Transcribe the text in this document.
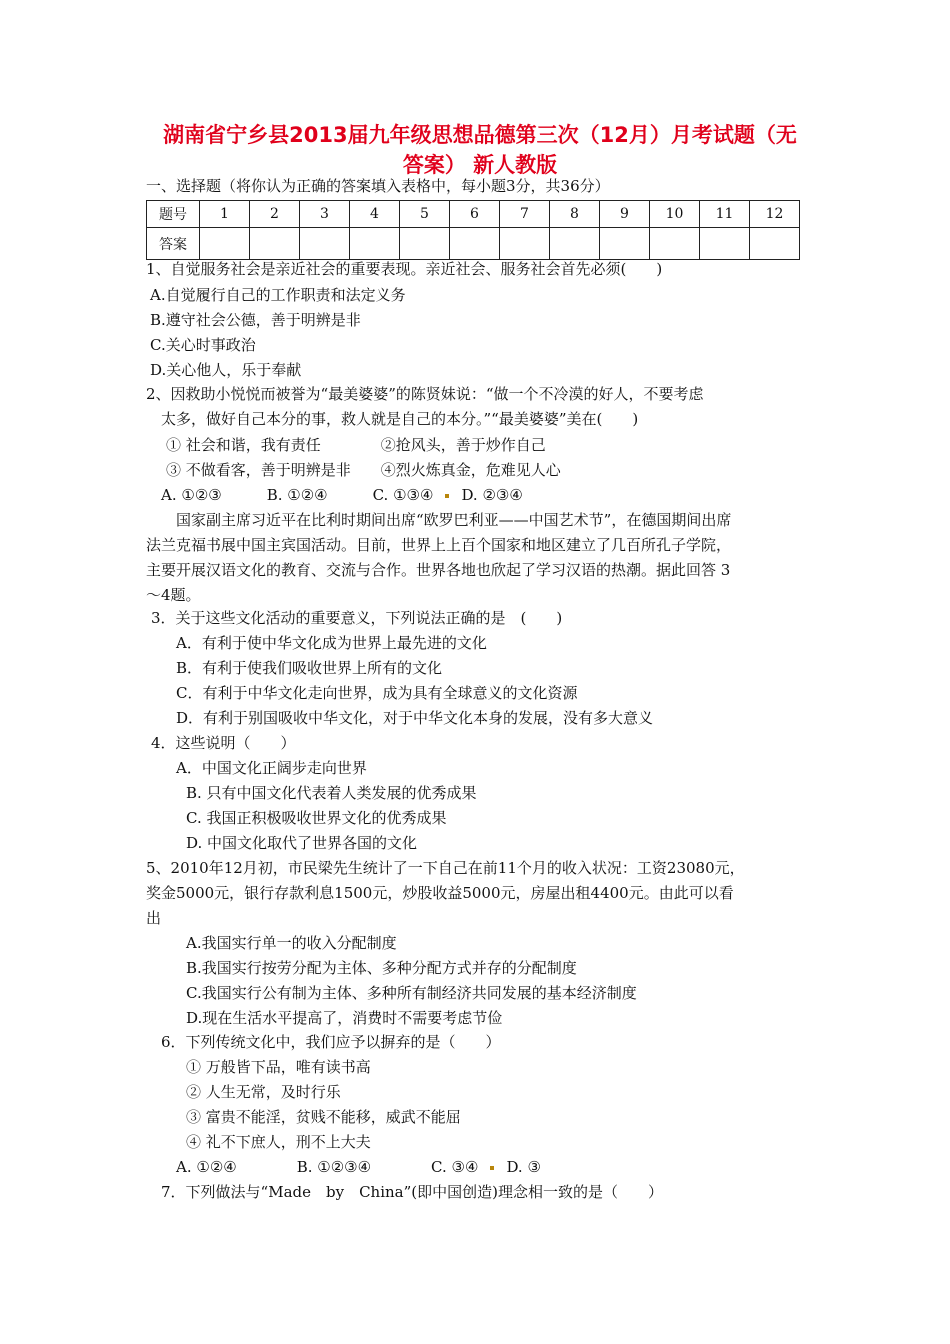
湖南省宁乡县2013届九年级思想品德第三次（12月）月考试题（无
答案） 新人教版
一、选择题（将你认为正确的答案填入表格中，每小题3分，共36分）
题号	1	2	3	4	5	6	7	8	9	10	11	12
答案												
1、自觉服务社会是亲近社会的重要表现。亲近社会、服务社会首先必须(　　)
A.自觉履行自己的工作职责和法定义务
B.遵守社会公德，善于明辨是非
C.关心时事政治
D.关心他人，乐于奉献
2、因救助小悦悦而被誉为“最美婆婆”的陈贤妹说：“做一个不冷漠的好人，不要考虑
太多，做好自己本分的事，救人就是自己的本分。”“最美婆婆”美在(　　)
① 社会和谐，我有责任　　　　②抢风头，善于炒作自己
③ 不做看客，善于明辨是非　　④烈火炼真金，危难见人心
A. ①②③　　　B. ①②④　　　C. ①③④ D. ②③④
国家副主席习近平在比利时期间出席“欧罗巴利亚——中国艺术节”，在德国期间出席
法兰克福书展中国主宾国活动。目前，世界上上百个国家和地区建立了几百所孔子学院，
主要开展汉语文化的教育、交流与合作。世界各地也欣起了学习汉语的热潮。据此回答 3
～4题。
3．关于这些文化活动的重要意义，下列说法正确的是　(　　)
A．有利于使中华文化成为世界上最先进的文化
B．有利于使我们吸收世界上所有的文化
C．有利于中华文化走向世界，成为具有全球意义的文化资源
D．有利于别国吸收中华文化，对于中华文化本身的发展，没有多大意义
4．这些说明（　　）
A．中国文化正阔步走向世界
B. 只有中国文化代表着人类发展的优秀成果
C. 我国正积极吸收世界文化的优秀成果
D. 中国文化取代了世界各国的文化
5、2010年12月初，市民梁先生统计了一下自己在前11个月的收入状况：工资23080元，
奖金5000元，银行存款利息1500元，炒股收益5000元，房屋出租4400元。由此可以看
出
A.我国实行单一的收入分配制度
B.我国实行按劳分配为主体、多种分配方式并存的分配制度
C.我国实行公有制为主体、多种所有制经济共同发展的基本经济制度
D.现在生活水平提高了，消费时不需要考虑节俭
6．下列传统文化中，我们应予以摒弃的是（　　）
① 万般皆下品，唯有读书高
② 人生无常，及时行乐
③ 富贵不能淫，贫贱不能移，威武不能屈
④ 礼不下庶人，刑不上大夫
A. ①②④　　　　B. ①②③④　　　　C. ③④ D. ③
7．下列做法与“Made　by　China”(即中国创造)理念相一致的是（　　）
